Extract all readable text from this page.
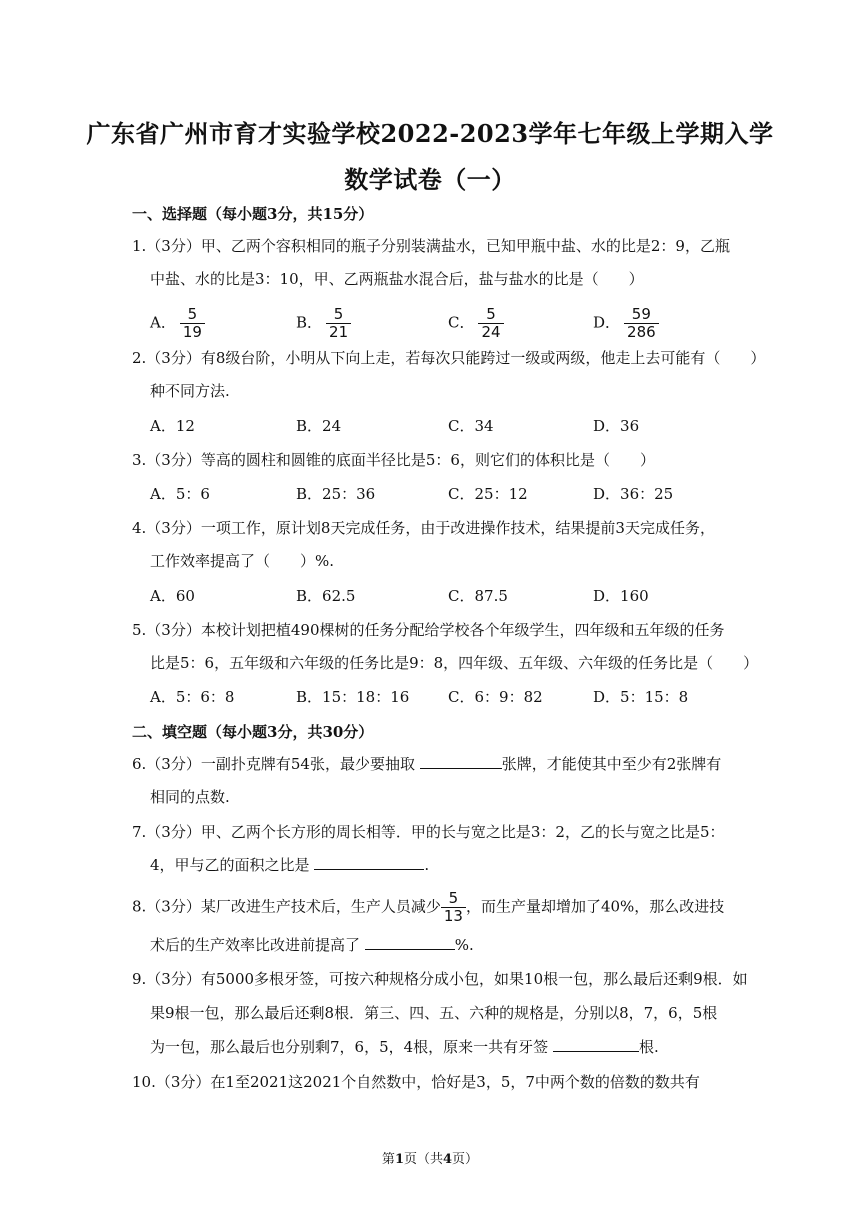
广东省广州市育才实验学校2022-2023学年七年级上学期入学
数学试卷（一）
一、选择题（每小题3分，共15分）
1.（3分）甲、乙两个容积相同的瓶子分别装满盐水，已知甲瓶中盐、水的比是2：9，乙瓶
中盐、水的比是3：10，甲、乙两瓶盐水混合后，盐与盐水的比是（　　）
A． $\frac{5}{19}$	B． $\frac{5}{21}$	C． $\frac{5}{24}$	D． $\frac{59}{286}$
2.（3分）有8级台阶，小明从下向上走，若每次只能跨过一级或两级，他走上去可能有（　　）
种不同方法.
A．12	B．24	C．34	D．36
3.（3分）等高的圆柱和圆锥的底面半径比是5：6，则它们的体积比是（　　）
A．5：6	B．25：36	C．25：12	D．36：25
4.（3分）一项工作，原计划8天完成任务，由于改进操作技术，结果提前3天完成任务，
工作效率提高了（　　）%.
A．60	B．62.5	C．87.5	D．160
5.（3分）本校计划把植490棵树的任务分配给学校各个年级学生，四年级和五年级的任务
比是5：6，五年级和六年级的任务比是9：8，四年级、五年级、六年级的任务比是（　　）
A．5：6：8	B．15：18：16	C．6：9：82	D．5：15：8
二、填空题（每小题3分，共30分）
6.（3分）一副扑克牌有54张，最少要抽取	张牌，才能使其中至少有2张牌有
相同的点数.
7.（3分）甲、乙两个长方形的周长相等．甲的长与宽之比是3：2，乙的长与宽之比是5：
4，甲与乙的面积之比是	.
8.（3分）某厂改进生产技术后，生产人员减少 $\frac{5}{13}$ ，而生产量却增加了40%，那么改进技
术后的生产效率比改进前提高了	%.
9.（3分）有5000多根牙签，可按六种规格分成小包，如果10根一包，那么最后还剩9根．如
果9根一包，那么最后还剩8根．第三、四、五、六种的规格是，分别以8，7，6，5根
为一包，那么最后也分别剩7，6，5，4根，原来一共有牙签	根.
10.（3分）在1至2021这2021个自然数中，恰好是3，5，7中两个数的倍数的数共有
第1页（共4页）
